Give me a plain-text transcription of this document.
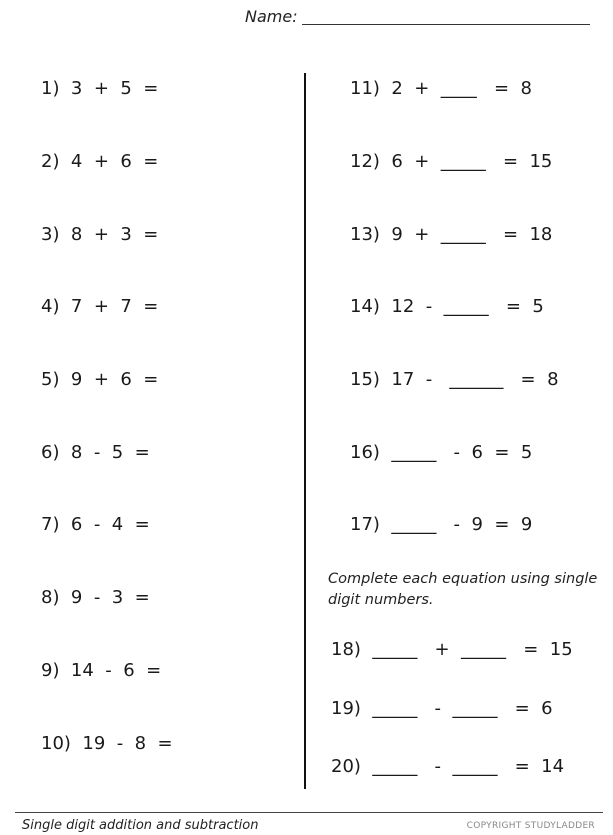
Name:
1)  3  +  5  =
2)  4  +  6  =
3)  8  +  3  =
4)  7  +  7  =
5)  9  +  6  =
6)  8  -  5  =
7)  6  -  4  =
8)  9  -  3  =
9)  14  -  6  =
10)  19  -  8  =
11)  2  +  ____   =  8
12)  6  +  _____   =  15
13)  9  +  _____   =  18
14)  12  -  _____   =  5
15)  17  -   ______   =  8
16)  _____   -  6  =  5
17)  _____   -  9  =  9
Complete each equation using single digit numbers.
18)  _____   +  _____   =  15
19)  _____   -  _____   =  6
20)  _____   -  _____   =  14
Single digit addition and subtraction	COPYRIGHT STUDYLADDER
